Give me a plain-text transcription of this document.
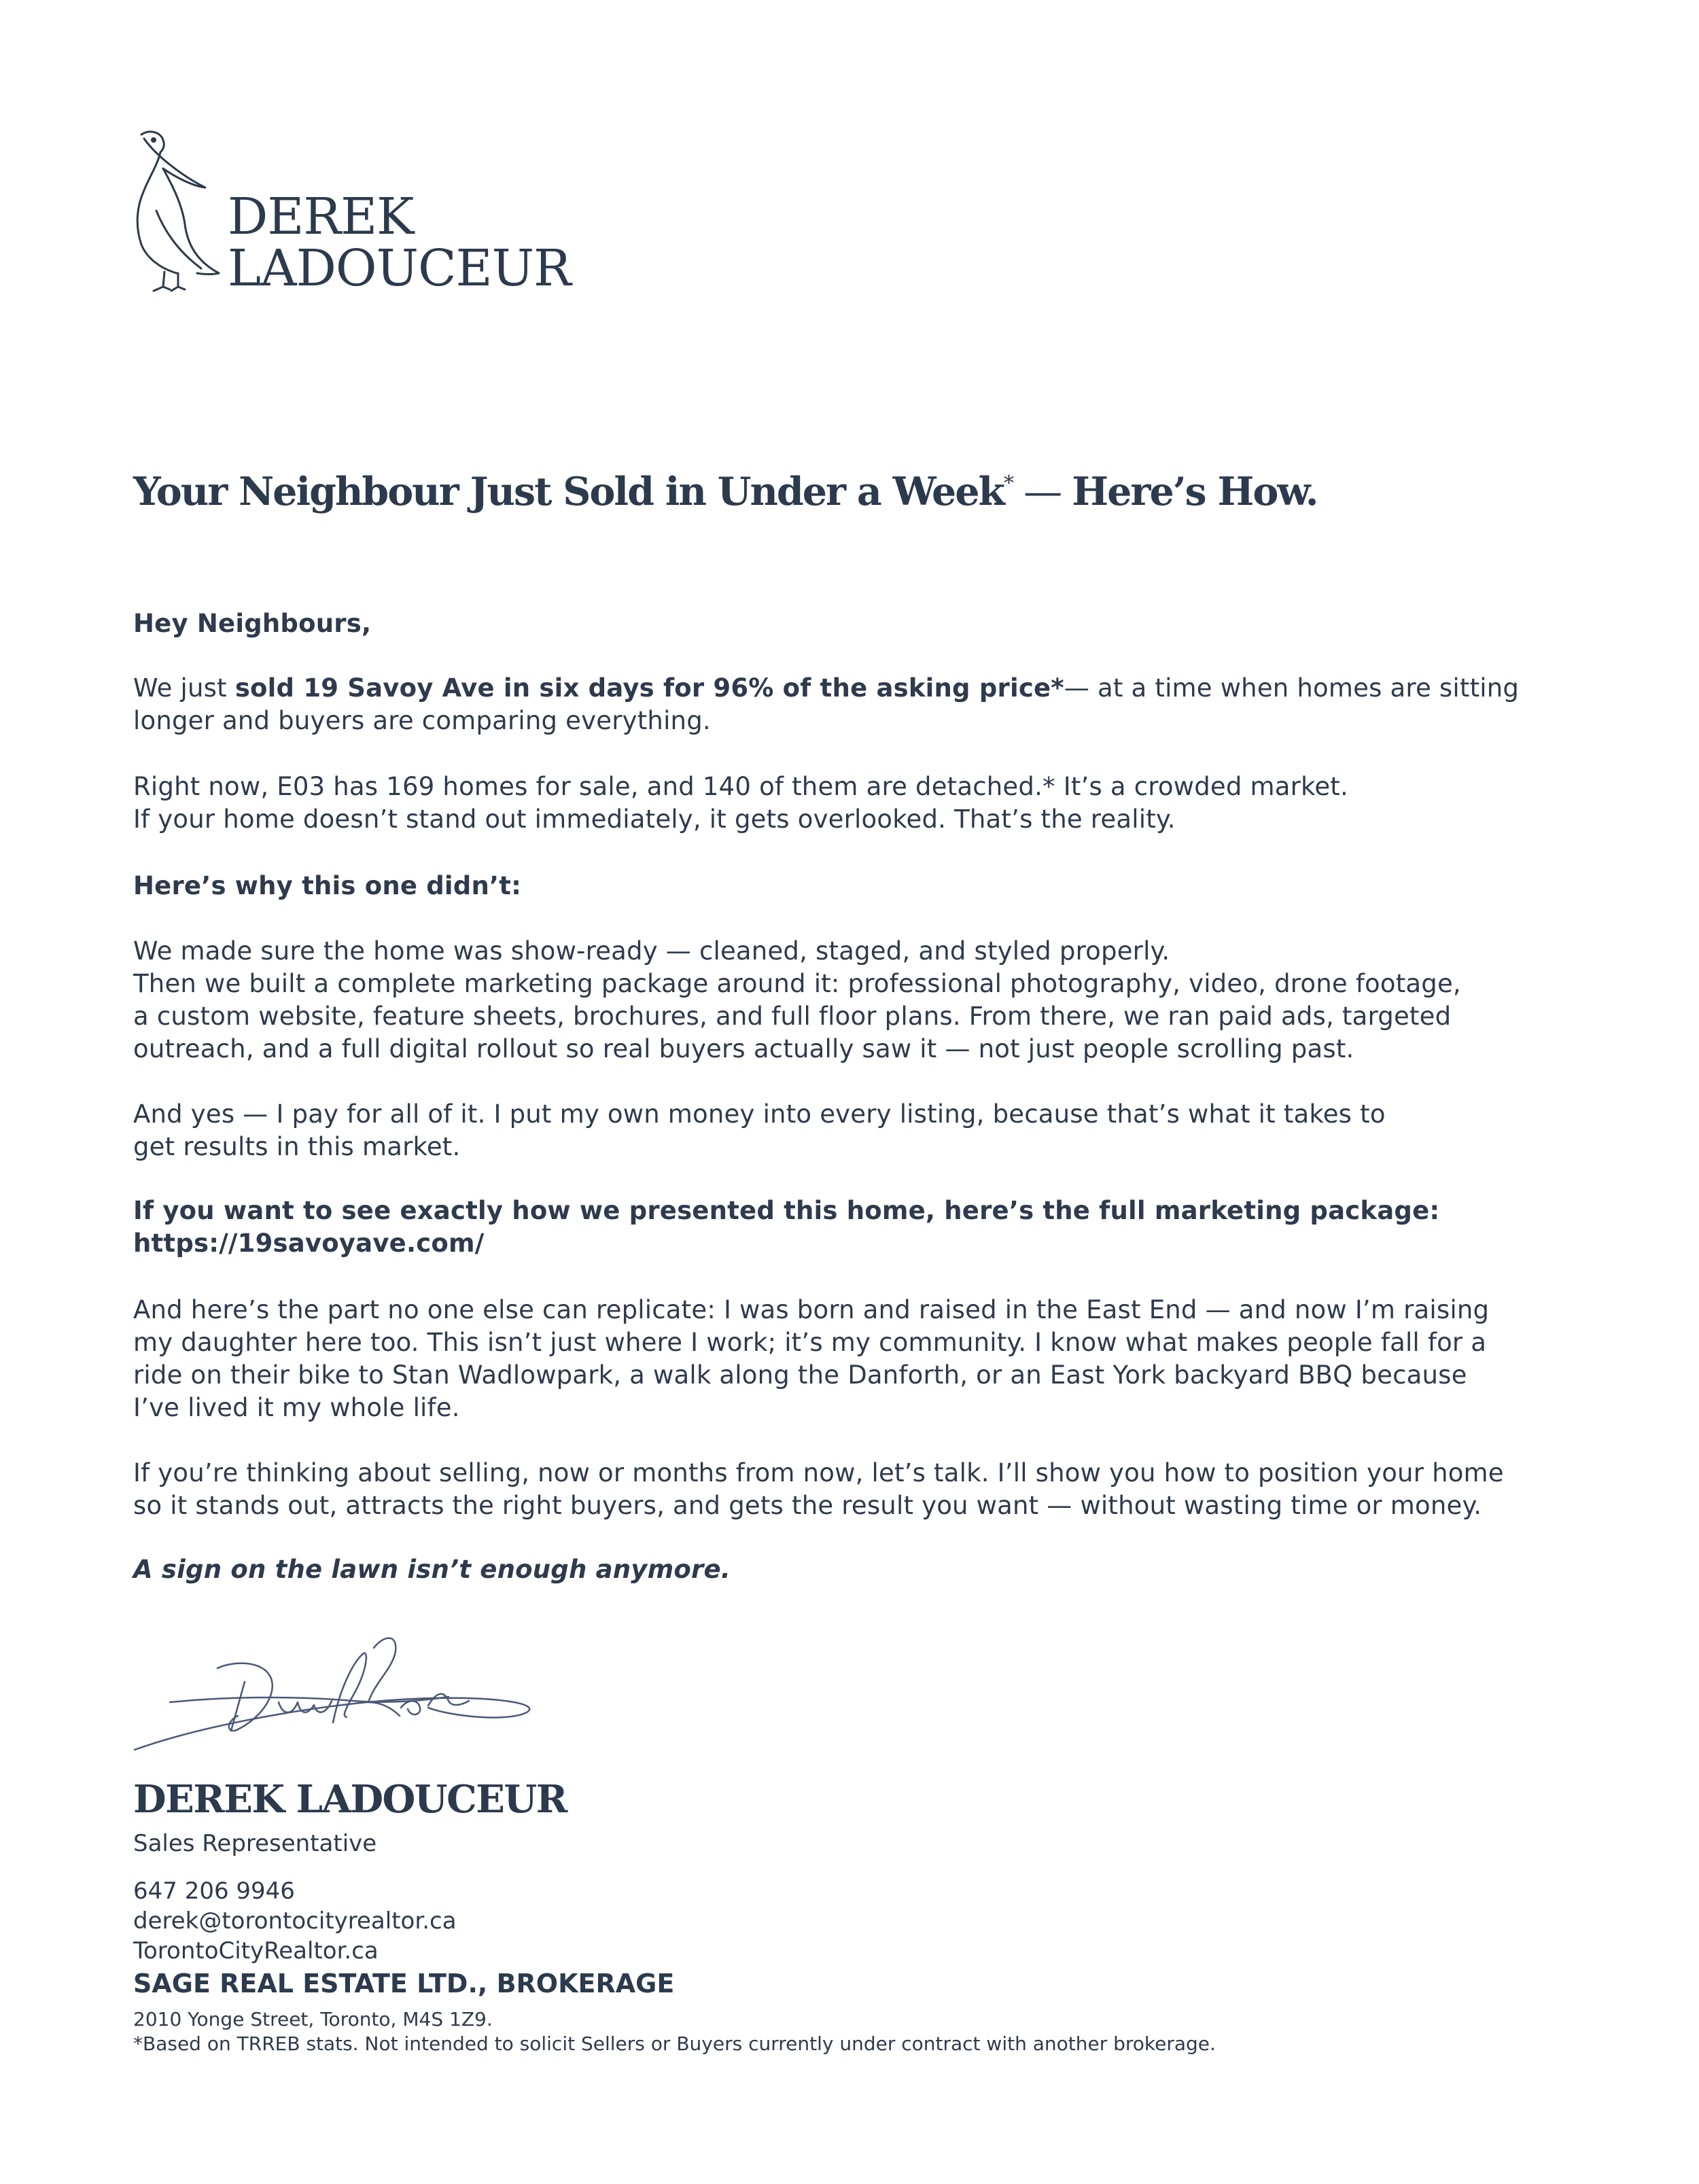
DEREK
LADOUCEUR
Your Neighbour Just Sold in Under a Week* — Here’s How.
Hey Neighbours,
We just sold 19 Savoy Ave in six days for 96% of the asking price*— at a time when homes are sitting
longer and buyers are comparing everything.
Right now, E03 has 169 homes for sale, and 140 of them are detached.* It’s a crowded market.
If your home doesn’t stand out immediately, it gets overlooked. That’s the reality.
Here’s why this one didn’t:
We made sure the home was show-ready — cleaned, staged, and styled properly.
Then we built a complete marketing package around it: professional photography, video, drone footage,
a custom website, feature sheets, brochures, and full floor plans. From there, we ran paid ads, targeted
outreach, and a full digital rollout so real buyers actually saw it — not just people scrolling past.
And yes — I pay for all of it. I put my own money into every listing, because that’s what it takes to
get results in this market.
If you want to see exactly how we presented this home, here’s the full marketing package:
https://19savoyave.com/
And here’s the part no one else can replicate: I was born and raised in the East End — and now I’m raising
my daughter here too. This isn’t just where I work; it’s my community. I know what makes people fall for a
ride on their bike to Stan Wadlowpark, a walk along the Danforth, or an East York backyard BBQ because
I’ve lived it my whole life.
If you’re thinking about selling, now or months from now, let’s talk. I’ll show you how to position your home
so it stands out, attracts the right buyers, and gets the result you want — without wasting time or money.
A sign on the lawn isn’t enough anymore.
DEREK LADOUCEUR
Sales Representative
647 206 9946
derek@torontocityrealtor.ca
TorontoCityRealtor.ca
SAGE REAL ESTATE LTD., BROKERAGE
2010 Yonge Street, Toronto, M4S 1Z9.
*Based on TRREB stats. Not intended to solicit Sellers or Buyers currently under contract with another brokerage.
